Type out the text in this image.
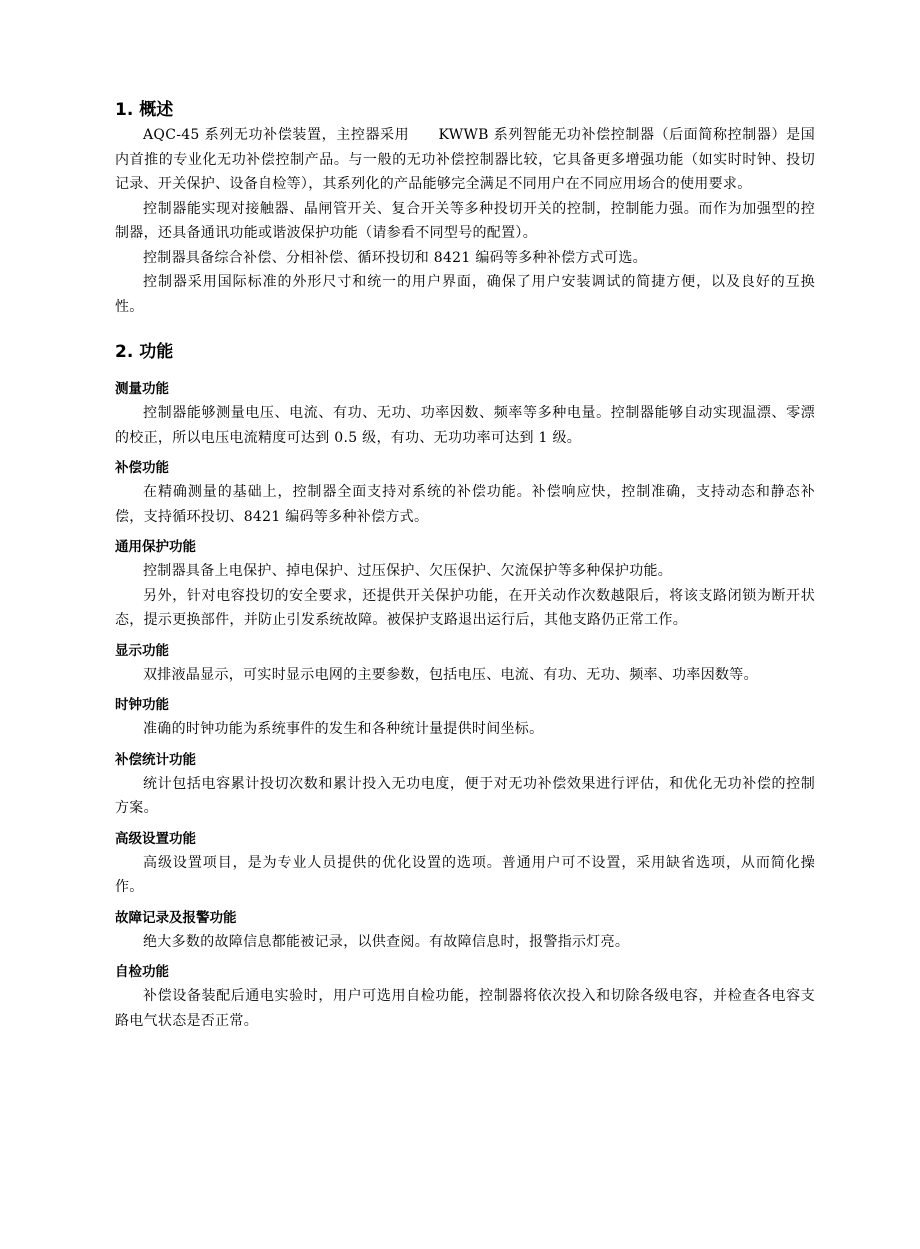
1. 概述

AQC-45 系列无功补偿装置，主控器采用　　KWWB 系列智能无功补偿控制器（后面简称控制器）是国内首推的专业化无功补偿控制产品。与一般的无功补偿控制器比较，它具备更多增强功能（如实时时钟、投切记录、开关保护、设备自检等），其系列化的产品能够完全满足不同用户在不同应用场合的使用要求。

控制器能实现对接触器、晶闸管开关、复合开关等多种投切开关的控制，控制能力强。而作为加强型的控制器，还具备通讯功能或谐波保护功能（请参看不同型号的配置）。

控制器具备综合补偿、分相补偿、循环投切和 8421 编码等多种补偿方式可选。

控制器采用国际标准的外形尺寸和统一的用户界面，确保了用户安装调试的简捷方便，以及良好的互换性。

2. 功能
测量功能

控制器能够测量电压、电流、有功、无功、功率因数、频率等多种电量。控制器能够自动实现温漂、零漂的校正，所以电压电流精度可达到 0.5 级，有功、无功功率可达到 1 级。

补偿功能

在精确测量的基础上，控制器全面支持对系统的补偿功能。补偿响应快，控制准确，支持动态和静态补偿，支持循环投切、8421 编码等多种补偿方式。

通用保护功能

控制器具备上电保护、掉电保护、过压保护、欠压保护、欠流保护等多种保护功能。

另外，针对电容投切的安全要求，还提供开关保护功能，在开关动作次数越限后，将该支路闭锁为断开状态，提示更换部件，并防止引发系统故障。被保护支路退出运行后，其他支路仍正常工作。

显示功能

双排液晶显示，可实时显示电网的主要参数，包括电压、电流、有功、无功、频率、功率因数等。

时钟功能

准确的时钟功能为系统事件的发生和各种统计量提供时间坐标。

补偿统计功能

统计包括电容累计投切次数和累计投入无功电度，便于对无功补偿效果进行评估，和优化无功补偿的控制方案。

高级设置功能

高级设置项目，是为专业人员提供的优化设置的选项。普通用户可不设置，采用缺省选项，从而简化操作。

故障记录及报警功能

绝大多数的故障信息都能被记录，以供查阅。有故障信息时，报警指示灯亮。

自检功能

补偿设备装配后通电实验时，用户可选用自检功能，控制器将依次投入和切除各级电容，并检查各电容支路电气状态是否正常。
